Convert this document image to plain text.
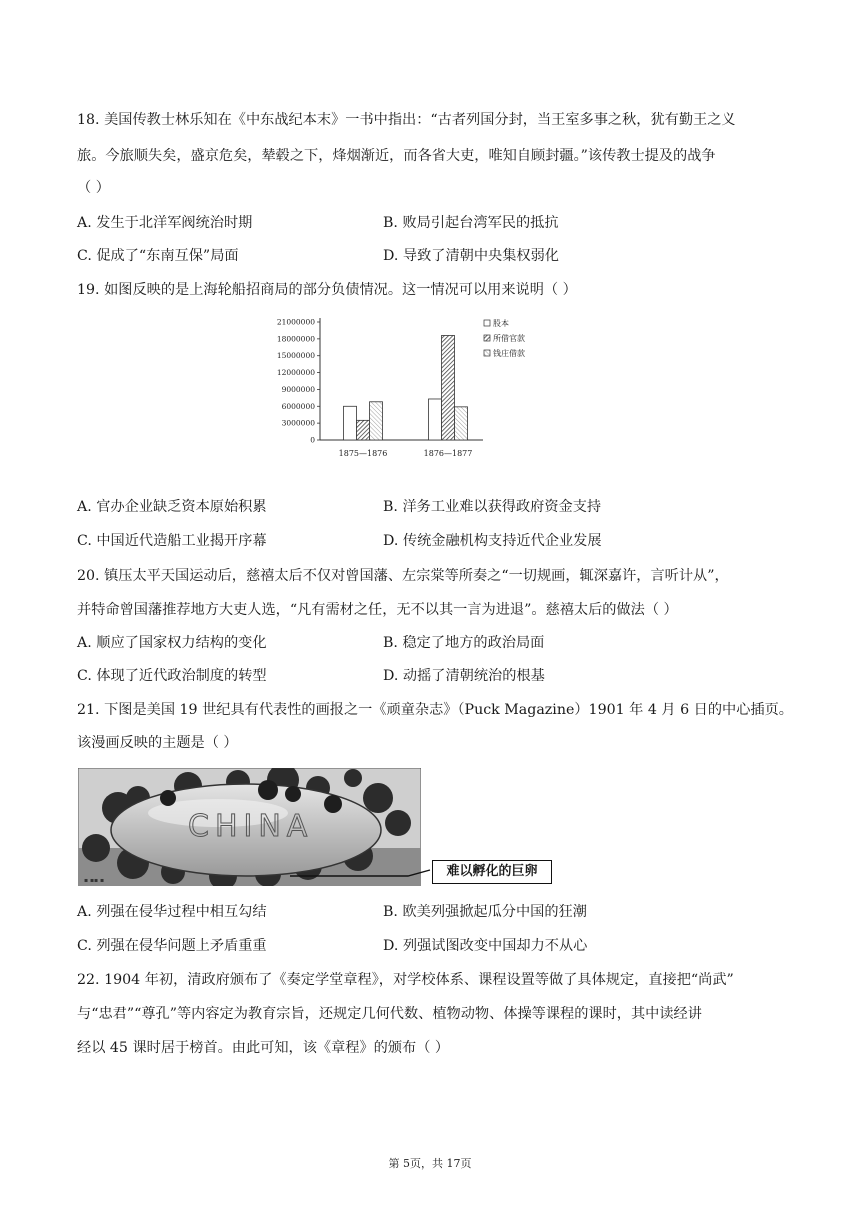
18. 美国传教士林乐知在《中东战纪本末》一书中指出：“古者列国分封，当王室多事之秋，犹有勤王之义
旅。今旅顺失矣，盛京危矣，辇毂之下，烽烟渐近，而各省大吏，唯知自顾封疆。”该传教士提及的战争
（ ）
A. 发生于北洋军阀统治时期	B. 败局引起台湾军民的抵抗
C. 促成了“东南互保”局面	D. 导致了清朝中央集权弱化
19. 如图反映的是上海轮船招商局的部分负债情况。这一情况可以用来说明（ ）
21000000
18000000
15000000
12000000
9000000
6000000
3000000
0
1875—1876	1876—1877
股本
所借官款
钱庄借款
A. 官办企业缺乏资本原始积累	B. 洋务工业难以获得政府资金支持
C. 中国近代造船工业揭开序幕	D. 传统金融机构支持近代企业发展
20. 镇压太平天国运动后，慈禧太后不仅对曾国藩、左宗棠等所奏之“一切规画，辄深嘉许，言听计从”，
并特命曾国藩推荐地方大吏人选，“凡有需材之任，无不以其一言为进退”。慈禧太后的做法（ ）
A. 顺应了国家权力结构的变化	B. 稳定了地方的政治局面
C. 体现了近代政治制度的转型	D. 动摇了清朝统治的根基
21. 下图是美国 19 世纪具有代表性的画报之一《顽童杂志》（Puck Magazine）1901 年 4 月 6 日的中心插页。
该漫画反映的主题是（ ）
CHINA
▪ ▪▪ ▪
难以孵化的巨卵
A. 列强在侵华过程中相互勾结	B. 欧美列强掀起瓜分中国的狂潮
C. 列强在侵华问题上矛盾重重	D. 列强试图改变中国却力不从心
22. 1904 年初，清政府颁布了《奏定学堂章程》，对学校体系、课程设置等做了具体规定，直接把“尚武”
与“忠君”“尊孔”等内容定为教育宗旨，还规定几何代数、植物动物、体操等课程的课时，其中读经讲
经以 45 课时居于榜首。由此可知，该《章程》的颁布（ ）
第 5页，共 17页
